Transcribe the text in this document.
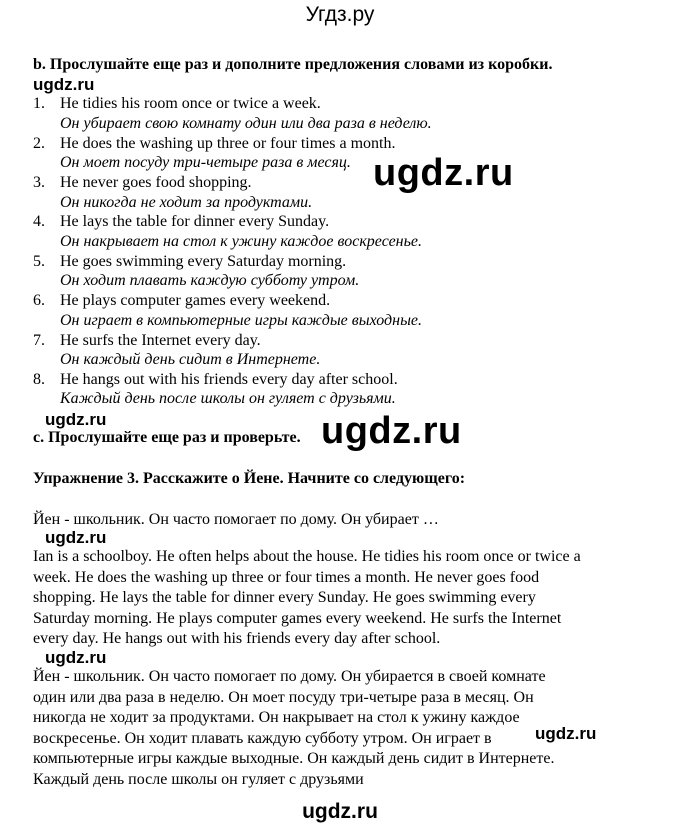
Угдз.ру
b. Прослушайте еще раз и дополните предложения словами из коробки.
ugdz.ru
1. He tidies his room once or twice a week.
Он убирает свою комнату один или два раза в неделю.
2. He does the washing up three or four times a month.
Он моет посуду три-четыре раза в месяц.
3. He never goes food shopping.
Он никогда не ходит за продуктами.
4. He lays the table for dinner every Sunday.
Он накрывает на стол к ужину каждое воскресенье.
5. He goes swimming every Saturday morning.
Он ходит плавать каждую субботу утром.
6. He plays computer games every weekend.
Он играет в компьютерные игры каждые выходные.
7. He surfs the Internet every day.
Он каждый день сидит в Интернете.
8. He hangs out with his friends every day after school.
Каждый день после школы он гуляет с друзьями.
ugdz.ru
ugdz.ru
c. Прослушайте еще раз и проверьте. ugdz.ru
Упражнение 3. Расскажите о Йене. Начните со следующего:
Йен - школьник. Он часто помогает по дому. Он убирает …
ugdz.ru
Ian is a schoolboy. He often helps about the house. He tidies his room once or twice a
week. He does the washing up three or four times a month. He never goes food
shopping. He lays the table for dinner every Sunday. He goes swimming every
Saturday morning. He plays computer games every weekend. He surfs the Internet
every day. He hangs out with his friends every day after school.
ugdz.ru
Йен - школьник. Он часто помогает по дому. Он убирается в своей комнате
один или два раза в неделю. Он моет посуду три-четыре раза в месяц. Он
никогда не ходит за продуктами. Он накрывает на стол к ужину каждое
воскресенье. Он ходит плавать каждую субботу утром. Он играет в
компьютерные игры каждые выходные. Он каждый день сидит в Интернете.
Каждый день после школы он гуляет с друзьями
ugdz.ru
ugdz.ru
